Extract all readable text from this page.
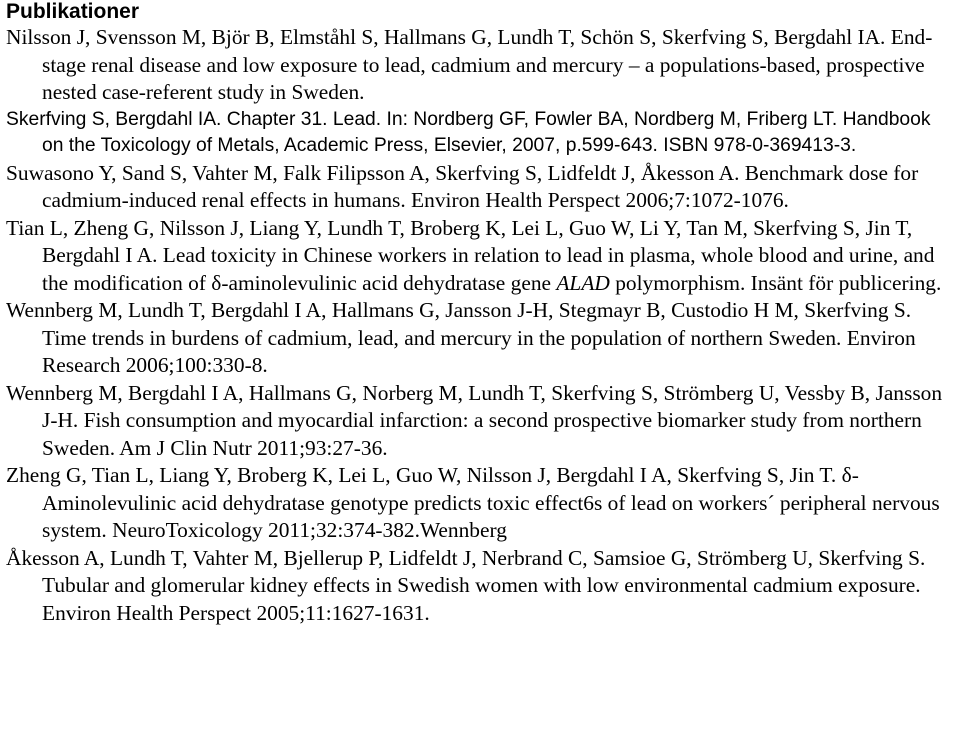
Publikationer

Nilsson J, Svensson M, Björ B, Elmståhl S, Hallmans G, Lundh T, Schön S, Skerfving S, Bergdahl IA. End-stage renal disease and low exposure to lead, cadmium and mercury – a populations-based, prospective nested case-referent study in Sweden.

Skerfving S, Bergdahl IA. Chapter 31. Lead. In: Nordberg GF, Fowler BA, Nordberg M, Friberg LT. Handbook on the Toxicology of Metals, Academic Press, Elsevier, 2007, p.599-643. ISBN 978-0-369413-3.

Suwasono Y, Sand S, Vahter M, Falk Filipsson A, Skerfving S, Lidfeldt J, Åkesson A. Benchmark dose for cadmium-induced renal effects in humans. Environ Health Perspect 2006;7:1072-1076.

Tian L, Zheng G, Nilsson J, Liang Y, Lundh T, Broberg K, Lei L, Guo W, Li Y, Tan M, Skerfving S, Jin T, Bergdahl I A. Lead toxicity in Chinese workers in relation to lead in plasma, whole blood and urine, and the modification of δ-aminolevulinic acid dehydratase gene ALAD polymorphism. Insänt för publicering.

Wennberg M, Lundh T, Bergdahl I A, Hallmans G, Jansson J-H, Stegmayr B, Custodio H M, Skerfving S. Time trends in burdens of cadmium, lead, and mercury in the population of northern Sweden. Environ Research 2006;100:330-8.

Wennberg M, Bergdahl I A, Hallmans G, Norberg M, Lundh T, Skerfving S, Strömberg U, Vessby B, Jansson J-H. Fish consumption and myocardial infarction: a second prospective biomarker study from northern Sweden. Am J Clin Nutr 2011;93:27-36.

Zheng G, Tian L, Liang Y, Broberg K, Lei L, Guo W, Nilsson J, Bergdahl I A, Skerfving S, Jin T. δ-Aminolevulinic acid dehydratase genotype predicts toxic effect6s of lead on workers´ peripheral nervous system. NeuroToxicology 2011;32:374-382.Wennberg

Åkesson A, Lundh T, Vahter M, Bjellerup P, Lidfeldt J, Nerbrand C, Samsioe G, Strömberg U, Skerfving S. Tubular and glomerular kidney effects in Swedish women with low environmental cadmium exposure. Environ Health Perspect 2005;11:1627-1631.
